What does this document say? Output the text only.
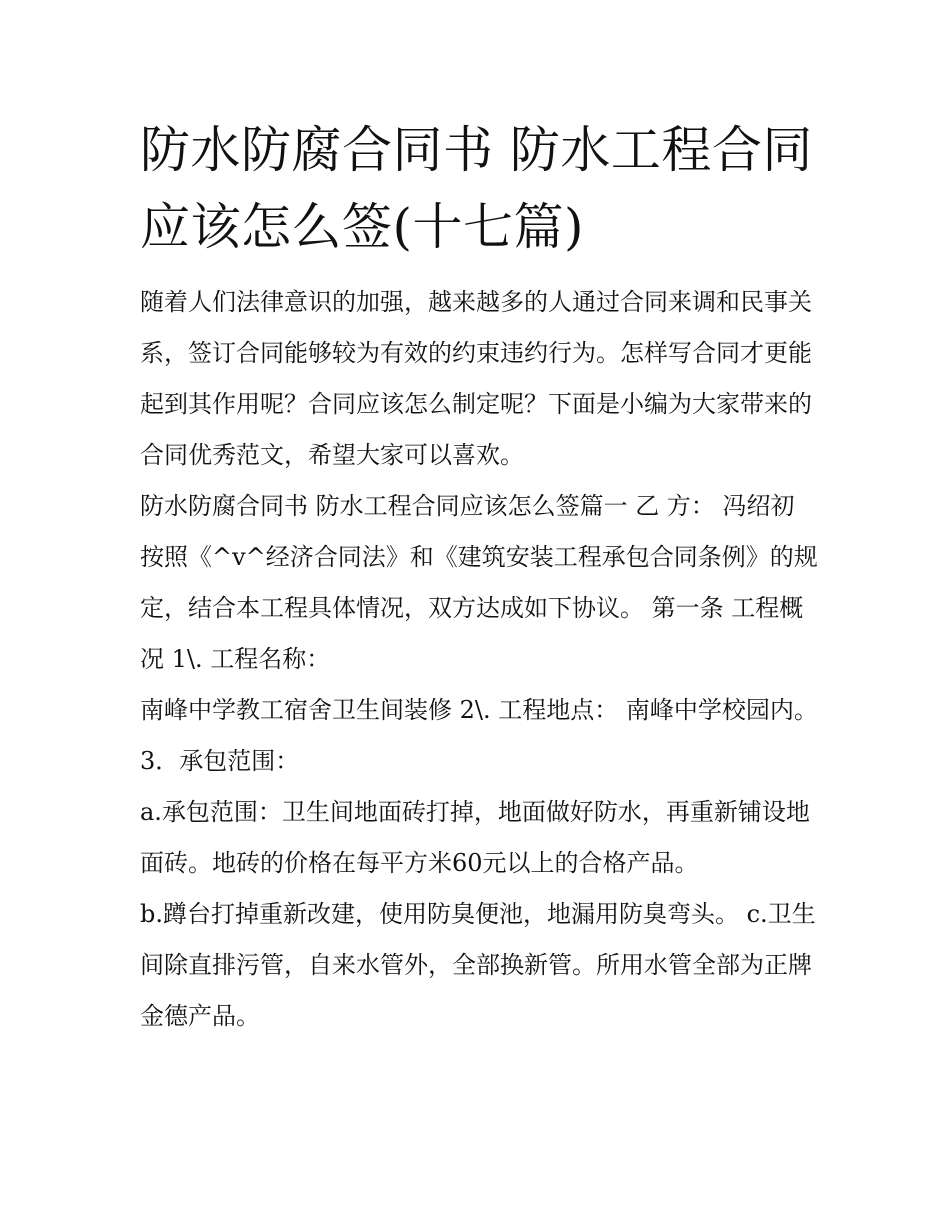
防水防腐合同书 防水工程合同应该怎么签(十七篇)

随着人们法律意识的加强，越来越多的人通过合同来调和民事关系，签订合同能够较为有效的约束违约行为。怎样写合同才更能起到其作用呢？合同应该怎么制定呢？下面是小编为大家带来的合同优秀范文，希望大家可以喜欢。

防水防腐合同书 防水工程合同应该怎么签篇一 乙 方： 冯绍初

按照《^v^经济合同法》和《建筑安装工程承包合同条例》的规定，结合本工程具体情况，双方达成如下协议。 第一条 工程概况 1\. 工程名称：

南峰中学教工宿舍卫生间装修 2\. 工程地点： 南峰中学校园内。 3．承包范围：

a.承包范围：卫生间地面砖打掉，地面做好防水，再重新铺设地面砖。地砖的价格在每平方米60元以上的合格产品。

b.蹲台打掉重新改建，使用防臭便池，地漏用防臭弯头。 c.卫生间除直排污管，自来水管外，全部换新管。所用水管全部为正牌金德产品。
